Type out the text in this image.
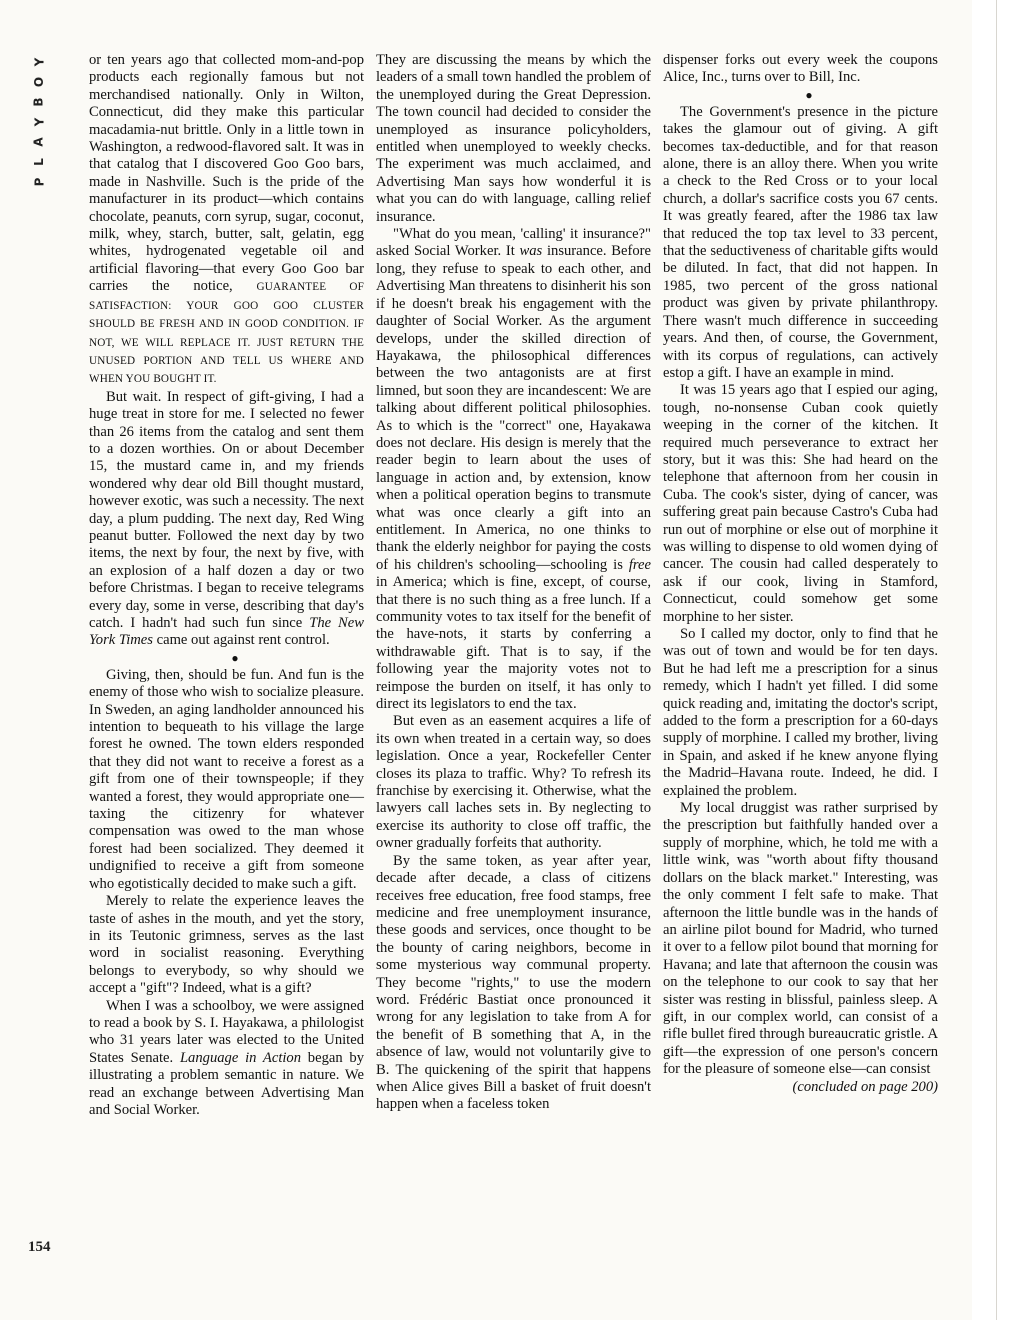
Y
O
B
Y
A
L
P
154

or ten years ago that collected mom-and-pop products each regionally famous but not merchandised nationally. Only in Wilton, Connecticut, did they make this particular macadamia-nut brittle. Only in a little town in Washington, a redwood-flavored salt. It was in that catalog that I discovered Goo Goo bars, made in Nashville. Such is the pride of the manufacturer in its product—which contains chocolate, peanuts, corn syrup, sugar, coconut, milk, whey, starch, butter, salt, gelatin, egg whites, hydrogenated vegetable oil and artificial flavoring—that every Goo Goo bar carries the notice, GUARANTEE OF SATISFACTION: YOUR GOO GOO CLUSTER SHOULD BE FRESH AND IN GOOD CONDITION. IF NOT, WE WILL REPLACE IT. JUST RETURN THE UNUSED PORTION AND TELL US WHERE AND WHEN YOU BOUGHT IT.

But wait. In respect of gift-giving, I had a huge treat in store for me. I selected no fewer than 26 items from the catalog and sent them to a dozen worthies. On or about December 15, the mustard came in, and my friends wondered why dear old Bill thought mustard, however exotic, was such a necessity. The next day, a plum pudding. The next day, Red Wing peanut butter. Followed the next day by two items, the next by four, the next by five, with an explosion of a half dozen a day or two before Christmas. I began to receive telegrams every day, some in verse, describing that day's catch. I hadn't had such fun since The New York Times came out against rent control.

●

Giving, then, should be fun. And fun is the enemy of those who wish to socialize pleasure. In Sweden, an aging landholder announced his intention to bequeath to his village the large forest he owned. The town elders responded that they did not want to receive a forest as a gift from one of their townspeople; if they wanted a forest, they would appropriate one—taxing the citizenry for whatever compensation was owed to the man whose forest had been socialized. They deemed it undignified to receive a gift from someone who egotistically decided to make such a gift.

Merely to relate the experience leaves the taste of ashes in the mouth, and yet the story, in its Teutonic grimness, serves as the last word in socialist reasoning. Everything belongs to everybody, so why should we accept a "gift"? Indeed, what is a gift?

When I was a schoolboy, we were assigned to read a book by S. I. Hayakawa, a philologist who 31 years later was elected to the United States Senate. Language in Action began by illustrating a problem semantic in nature. We read an exchange between Advertising Man and Social Worker.

They are discussing the means by which the leaders of a small town handled the problem of the unemployed during the Great Depression. The town council had decided to consider the unemployed as insurance policyholders, entitled when unemployed to weekly checks. The experiment was much acclaimed, and Advertising Man says how wonderful it is what you can do with language, calling relief insurance.

"What do you mean, 'calling' it insurance?" asked Social Worker. It was insurance. Before long, they refuse to speak to each other, and Advertising Man threatens to disinherit his son if he doesn't break his engagement with the daughter of Social Worker. As the argument develops, under the skilled direction of Hayakawa, the philosophical differences between the two antagonists are at first limned, but soon they are incandescent: We are talking about different political philosophies. As to which is the "correct" one, Hayakawa does not declare. His design is merely that the reader begin to learn about the uses of language in action and, by extension, know when a political operation begins to transmute what was once clearly a gift into an entitlement. In America, no one thinks to thank the elderly neighbor for paying the costs of his children's schooling—schooling is free in America; which is fine, except, of course, that there is no such thing as a free lunch. If a community votes to tax itself for the benefit of the have-nots, it starts by conferring a withdrawable gift. That is to say, if the following year the majority votes not to reimpose the burden on itself, it has only to direct its legislators to end the tax.

But even as an easement acquires a life of its own when treated in a certain way, so does legislation. Once a year, Rockefeller Center closes its plaza to traffic. Why? To refresh its franchise by exercising it. Otherwise, what the lawyers call laches sets in. By neglecting to exercise its authority to close off traffic, the owner gradually forfeits that authority.

By the same token, as year after year, decade after decade, a class of citizens receives free education, free food stamps, free medicine and free unemployment insurance, these goods and services, once thought to be the bounty of caring neighbors, become in some mysterious way communal property. They become "rights," to use the modern word. Frédéric Bastiat once pronounced it wrong for any legislation to take from A for the benefit of B something that A, in the absence of law, would not voluntarily give to B. The quickening of the spirit that happens when Alice gives Bill a basket of fruit doesn't happen when a faceless token

dispenser forks out every week the coupons Alice, Inc., turns over to Bill, Inc.

●

The Government's presence in the picture takes the glamour out of giving. A gift becomes tax-deductible, and for that reason alone, there is an alloy there. When you write a check to the Red Cross or to your local church, a dollar's sacrifice costs you 67 cents. It was greatly feared, after the 1986 tax law that reduced the top tax level to 33 percent, that the seductiveness of charitable gifts would be diluted. In fact, that did not happen. In 1985, two percent of the gross national product was given by private philanthropy. There wasn't much difference in succeeding years. And then, of course, the Government, with its corpus of regulations, can actively estop a gift. I have an example in mind.

It was 15 years ago that I espied our aging, tough, no-nonsense Cuban cook quietly weeping in the corner of the kitchen. It required much perseverance to extract her story, but it was this: She had heard on the telephone that afternoon from her cousin in Cuba. The cook's sister, dying of cancer, was suffering great pain because Castro's Cuba had run out of morphine or else out of morphine it was willing to dispense to old women dying of cancer. The cousin had called desperately to ask if our cook, living in Stamford, Connecticut, could somehow get some morphine to her sister.

So I called my doctor, only to find that he was out of town and would be for ten days. But he had left me a prescription for a sinus remedy, which I hadn't yet filled. I did some quick reading and, imitating the doctor's script, added to the form a prescription for a 60-days supply of morphine. I called my brother, living in Spain, and asked if he knew anyone flying the Madrid–Havana route. Indeed, he did. I explained the problem.

My local druggist was rather surprised by the prescription but faithfully handed over a supply of morphine, which, he told me with a little wink, was "worth about fifty thousand dollars on the black market." Interesting, was the only comment I felt safe to make. That afternoon the little bundle was in the hands of an airline pilot bound for Madrid, who turned it over to a fellow pilot bound that morning for Havana; and late that afternoon the cousin was on the telephone to our cook to say that her sister was resting in blissful, painless sleep. A gift, in our complex world, can consist of a rifle bullet fired through bureaucratic gristle. A gift—the expression of one person's concern for the pleasure of someone else—can consist

(concluded on page 200)
